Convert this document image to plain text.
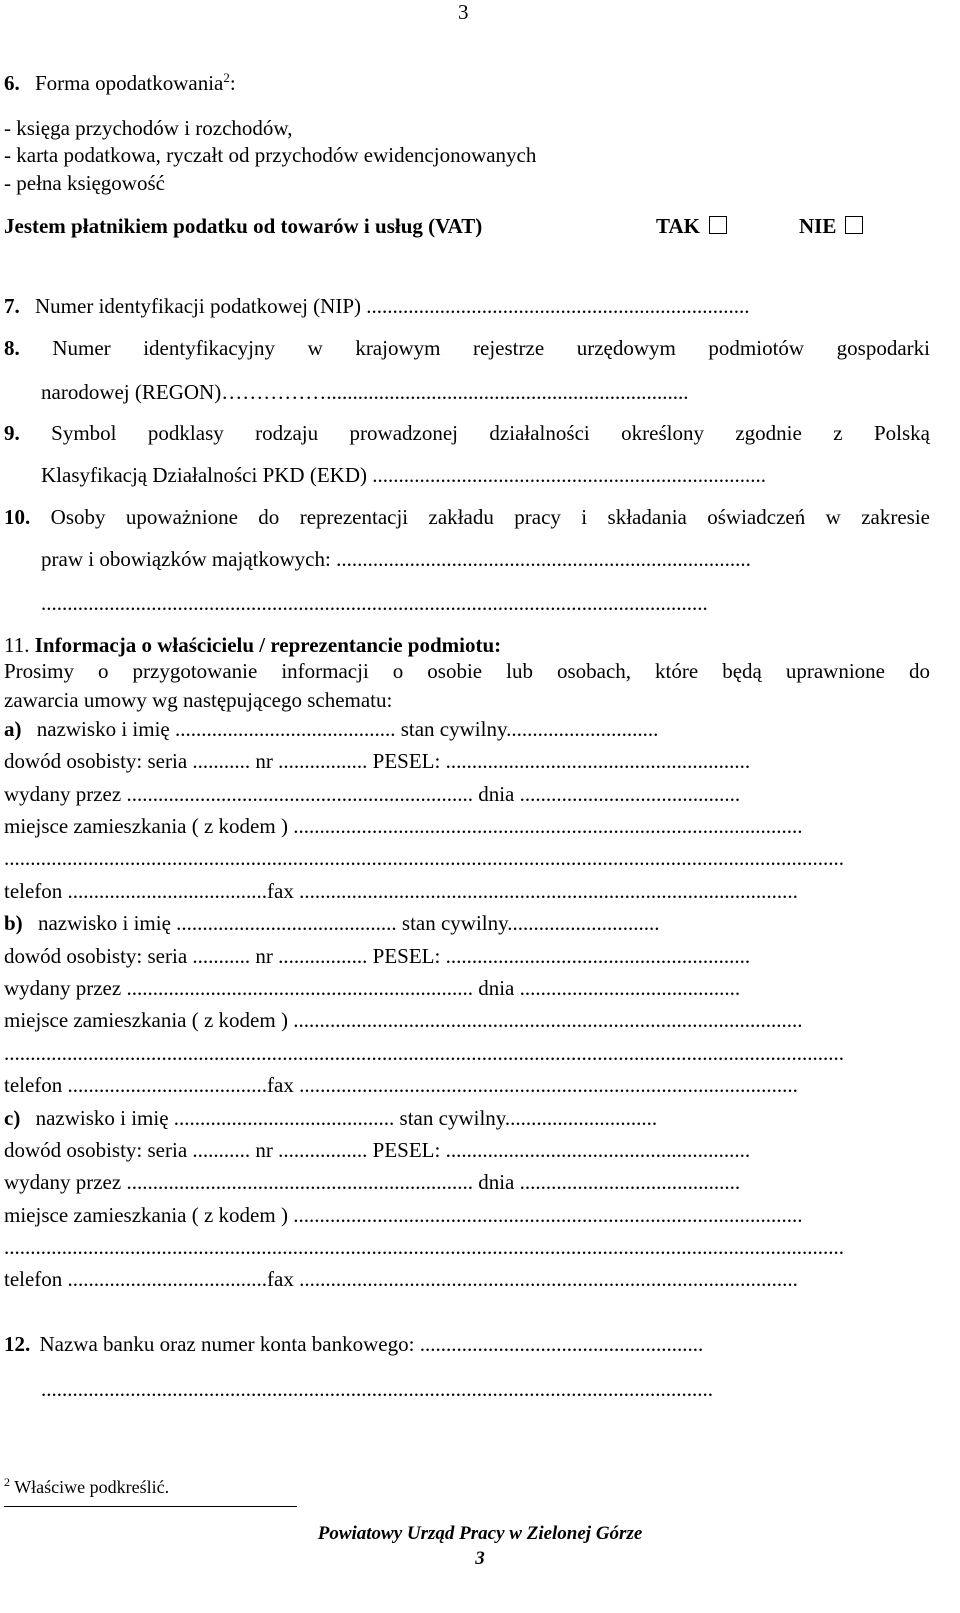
3
6. Forma opodatkowania$^2$:
- księga przychodów i rozchodów,
- karta podatkowa, ryczałt od przychodów ewidencjonowanych
- pełna księgowość
Jestem płatnikiem podatku od towarów i usług (VAT)	TAK	NIE
7. Numer identyfikacji podatkowej (NIP) .........................................................................
8. Numer identyfikacyjny w krajowym rejestrze urzędowym podmiotów gospodarki
narodowej (REGON)…………….....................................................................
9. Symbol podklasy rodzaju prowadzonej działalności określony zgodnie z Polską
Klasyfikacją Działalności PKD (EKD) ...........................................................................
10. Osoby upoważnione do reprezentacji zakładu pracy i składania oświadczeń w zakresie
praw i obowiązków majątkowych: ...............................................................................
...............................................................................................................................
11. Informacja o właścicielu / reprezentancie podmiotu:
Prosimy o przygotowanie informacji o osobie lub osobach, które będą uprawnione do
zawarcia umowy wg następującego schematu:
a) nazwisko i imię .......................................... stan cywilny.............................
dowód osobisty: seria ........... nr ................. PESEL: ..........................................................
wydany przez .................................................................. dnia ..........................................
miejsce zamieszkania ( z kodem ) .................................................................................................
................................................................................................................................................................
telefon ......................................fax ...............................................................................................
b) nazwisko i imię .......................................... stan cywilny.............................
dowód osobisty: seria ........... nr ................. PESEL: ..........................................................
wydany przez .................................................................. dnia ..........................................
miejsce zamieszkania ( z kodem ) .................................................................................................
................................................................................................................................................................
telefon ......................................fax ...............................................................................................
c) nazwisko i imię .......................................... stan cywilny.............................
dowód osobisty: seria ........... nr ................. PESEL: ..........................................................
wydany przez .................................................................. dnia ..........................................
miejsce zamieszkania ( z kodem ) .................................................................................................
................................................................................................................................................................
telefon ......................................fax ...............................................................................................
12. Nazwa banku oraz numer konta bankowego: ......................................................
................................................................................................................................
$^2$ Właściwe podkreślić.
Powiatowy Urząd Pracy w Zielonej Górze
3
